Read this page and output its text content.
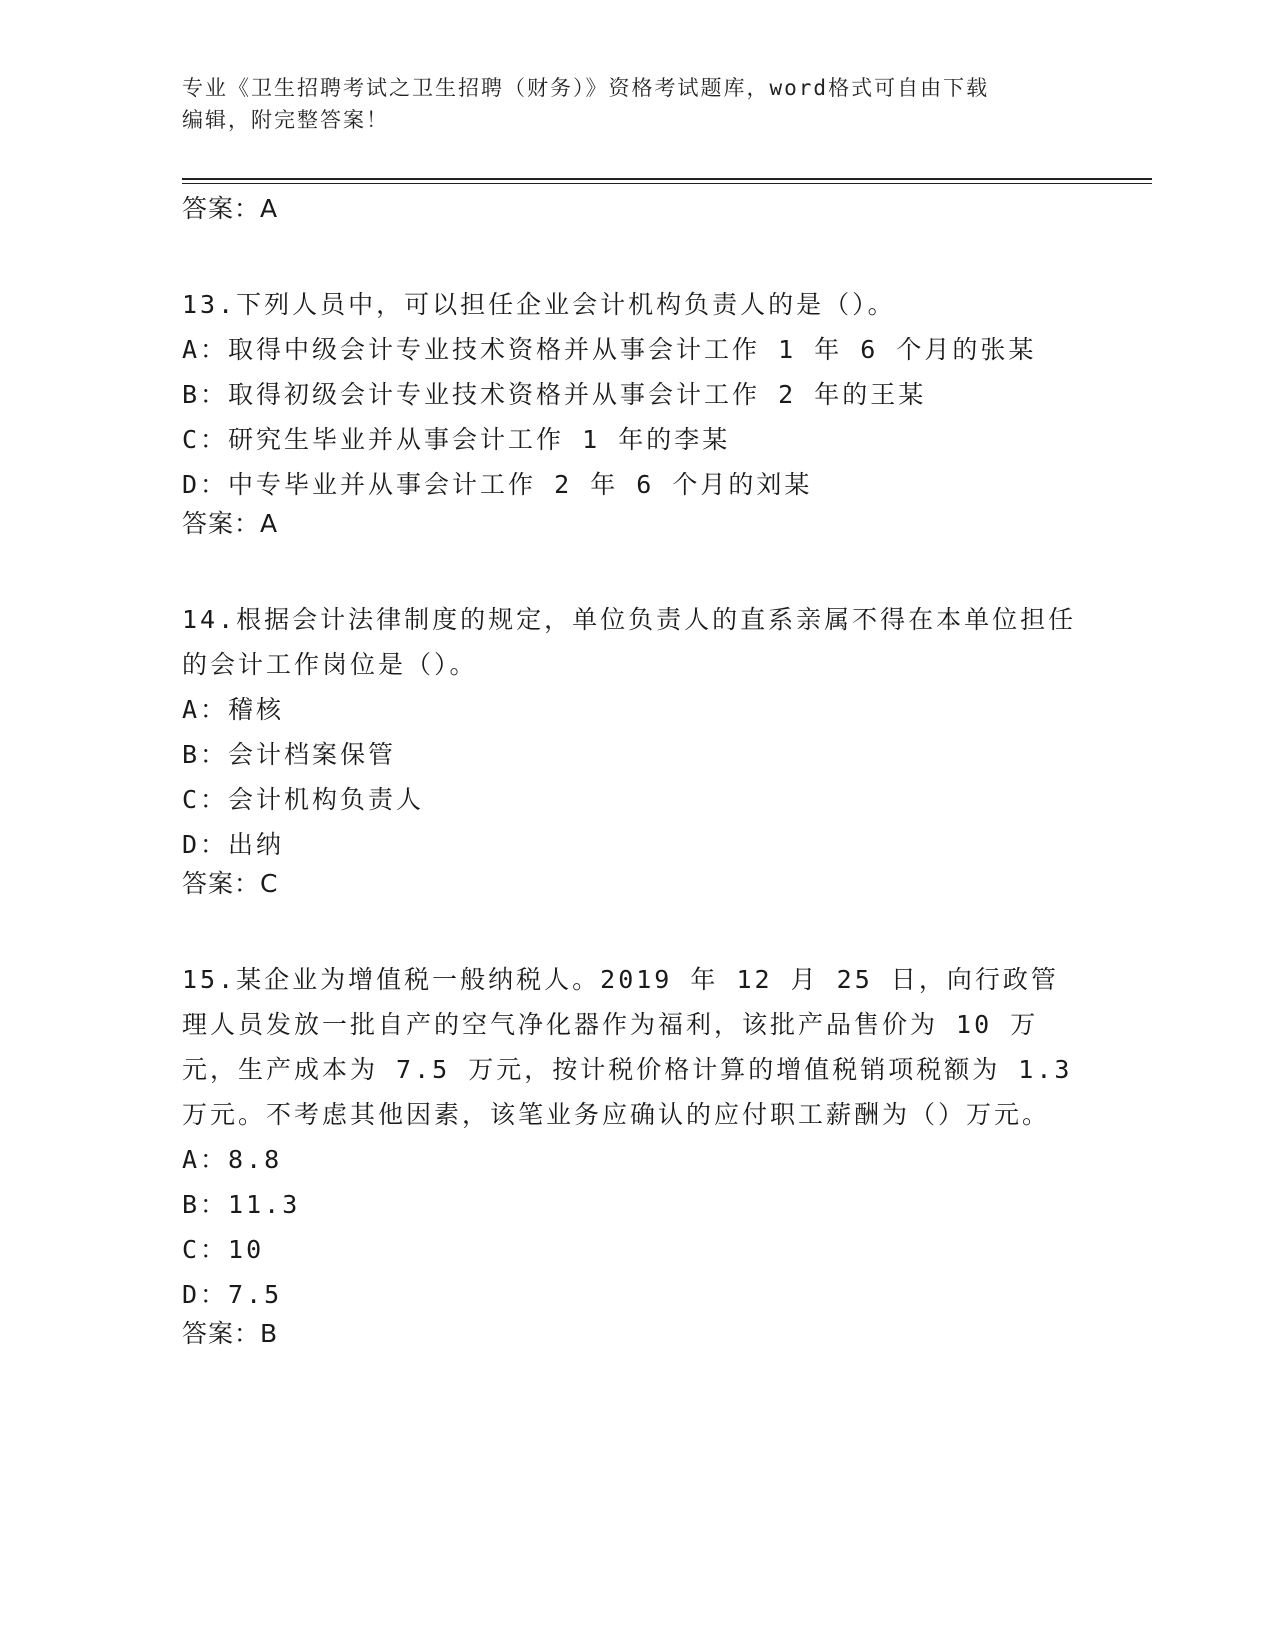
专业《卫生招聘考试之卫生招聘（财务）》资格考试题库，word格式可自由下载
编辑，附完整答案！
答案：A
13.下列人员中，可以担任企业会计机构负责人的是（）。
A：取得中级会计专业技术资格并从事会计工作 1 年 6 个月的张某
B：取得初级会计专业技术资格并从事会计工作 2 年的王某
C：研究生毕业并从事会计工作 1 年的李某
D：中专毕业并从事会计工作 2 年 6 个月的刘某
答案：A
14.根据会计法律制度的规定，单位负责人的直系亲属不得在本单位担任的会计工作岗位是（）。
A：稽核
B：会计档案保管
C：会计机构负责人
D：出纳
答案：C
15.某企业为增值税一般纳税人。2019 年 12 月 25 日，向行政管理人员发放一批自产的空气净化器作为福利，该批产品售价为 10 万元，生产成本为 7.5 万元，按计税价格计算的增值税销项税额为 1.3 万元。不考虑其他因素，该笔业务应确认的应付职工薪酬为（）万元。
A：8.8
B：11.3
C：10
D：7.5
答案：B
